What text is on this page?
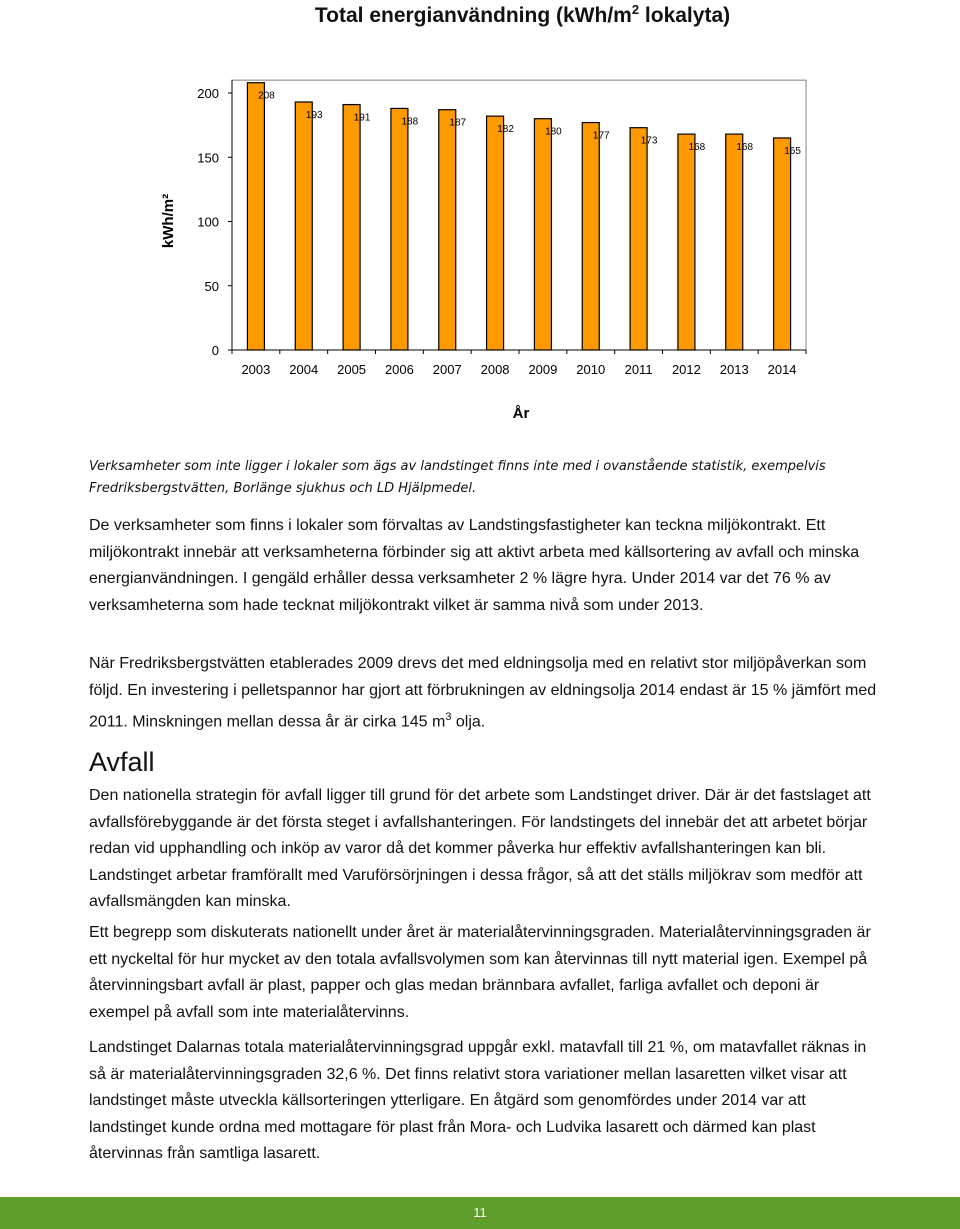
Total energianvändning ($kWh/m^2$ lokalyta)
0
50
100
150
200	208
2003
193
2004
191
2005
188
2006
187
2007
182
2008
180
2009
177
2010
173
2011
168
2012
168
2013
165
2014
kWh/m²
År

Verksamheter som inte ligger i lokaler som ägs av landstinget finns inte med i ovanstående statistik, exempelvis Fredriksbergstvätten, Borlänge sjukhus och LD Hjälpmedel.

De verksamheter som finns i lokaler som förvaltas av Landstingsfastigheter kan teckna miljökontrakt. Ett miljökontrakt innebär att verksamheterna förbinder sig att aktivt arbeta med källsortering av avfall och minska energianvändningen. I gengäld erhåller dessa verksamheter 2 % lägre hyra. Under 2014 var det 76 % av verksamheterna som hade tecknat miljökontrakt vilket är samma nivå som under 2013.

När Fredriksbergstvätten etablerades 2009 drevs det med eldningsolja med en relativt stor miljöpåverkan som följd. En investering i pelletspannor har gjort att förbrukningen av eldningsolja 2014 endast är 15 % jämfört med 2011. Minskningen mellan dessa år är cirka 145 $m^3$ olja.

Avfall

Den nationella strategin för avfall ligger till grund för det arbete som Landstinget driver. Där är det fastslaget att avfallsförebyggande är det första steget i avfallshanteringen. För landstingets del innebär det att arbetet börjar redan vid upphandling och inköp av varor då det kommer påverka hur effektiv avfallshanteringen kan bli. Landstinget arbetar framförallt med Varuförsörjningen i dessa frågor, så att det ställs miljökrav som medför att avfallsmängden kan minska.

Ett begrepp som diskuterats nationellt under året är materialåtervinningsgraden. Materialåtervinningsgraden är ett nyckeltal för hur mycket av den totala avfallsvolymen som kan återvinnas till nytt material igen. Exempel på återvinningsbart avfall är plast, papper och glas medan brännbara avfallet, farliga avfallet och deponi är exempel på avfall som inte materialåtervinns.

Landstinget Dalarnas totala materialåtervinningsgrad uppgår exkl. matavfall till 21 %, om matavfallet räknas in så är materialåtervinningsgraden 32,6 %. Det finns relativt stora variationer mellan lasaretten vilket visar att landstinget måste utveckla källsorteringen ytterligare. En åtgärd som genomfördes under 2014 var att landstinget kunde ordna med mottagare för plast från Mora- och Ludvika lasarett och därmed kan plast återvinnas från samtliga lasarett.

11
